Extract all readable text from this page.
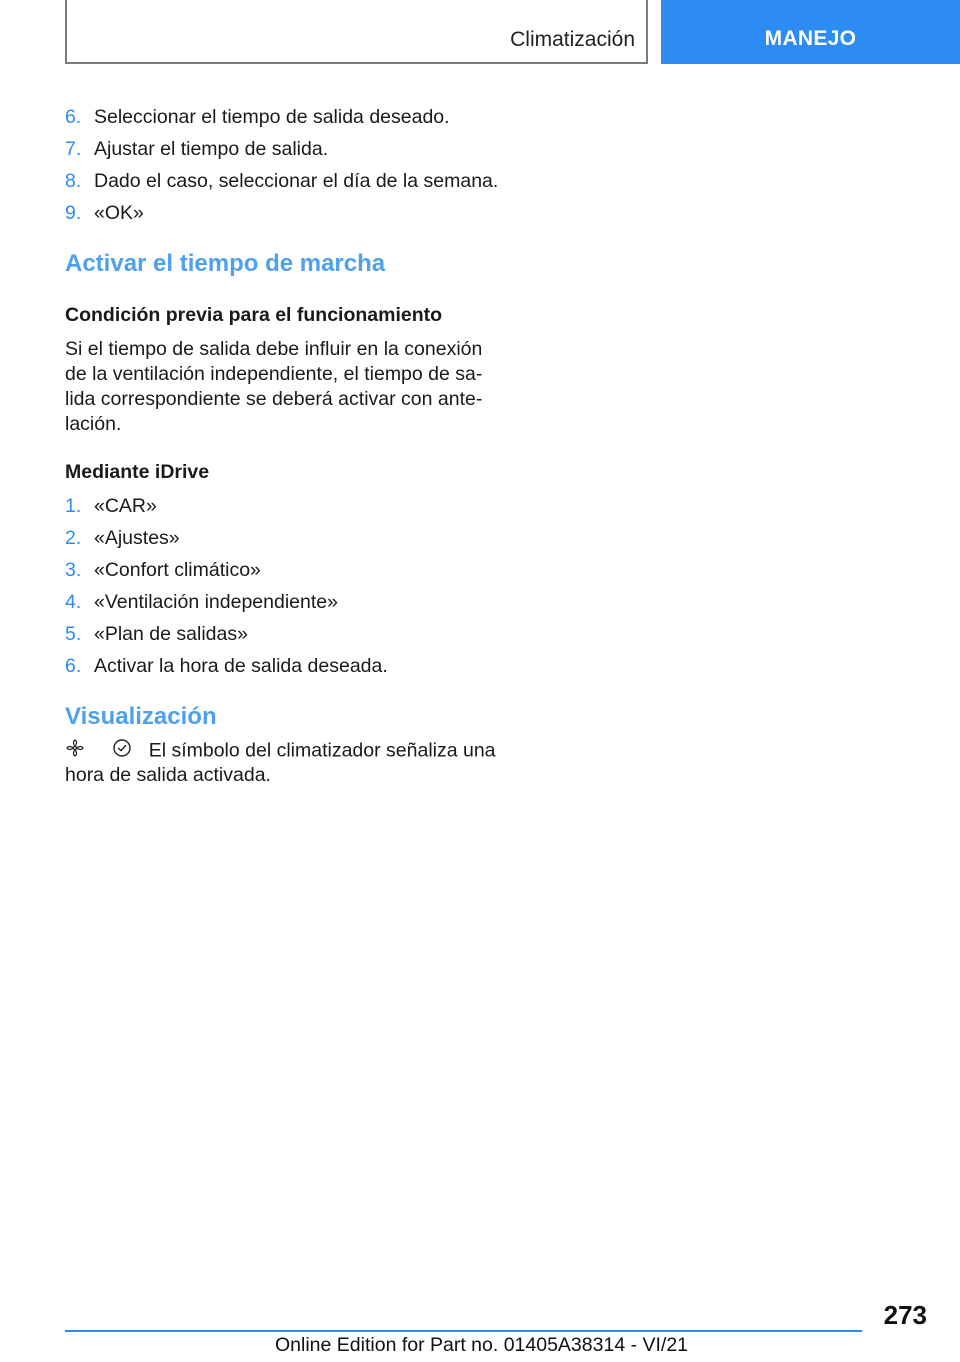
Climatización	MANEJO
6. Seleccionar el tiempo de salida deseado.
7. Ajustar el tiempo de salida.
8. Dado el caso, seleccionar el día de la semana.
9. «OK»
Activar el tiempo de marcha
Condición previa para el funcionamiento
Si el tiempo de salida debe influir en la conexión
de la ventilación independiente, el tiempo de sa‐
lida correspondiente se deberá activar con ante‐
lación.
Mediante iDrive
1. «CAR»
2. «Ajustes»
3. «Confort climático»
4. «Ventilación independiente»
5. «Plan de salidas»
6. Activar la hora de salida deseada.
Visualización
El símbolo del climatizador señaliza una
hora de salida activada.
273
Online Edition for Part no. 01405A38314 - VI/21
